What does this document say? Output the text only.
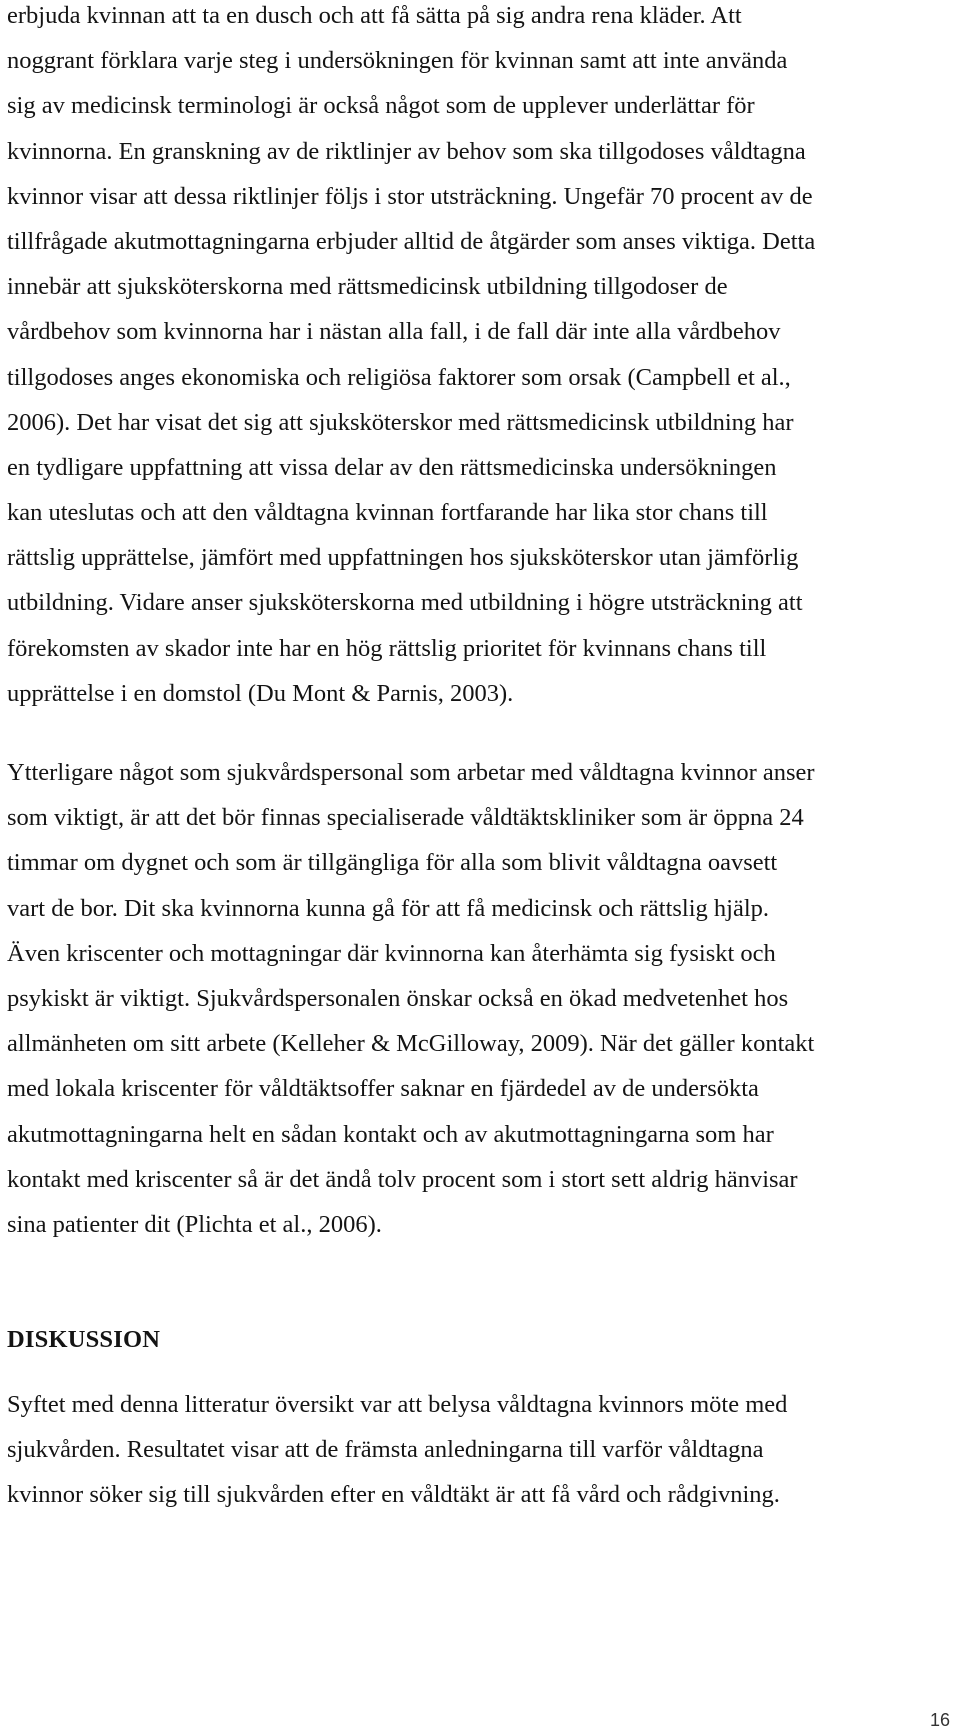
erbjuda kvinnan att ta en dusch och att få sätta på sig andra rena kläder. Att
noggrant förklara varje steg i undersökningen för kvinnan samt att inte använda
sig av medicinsk terminologi är också något som de upplever underlättar för
kvinnorna. En granskning av de riktlinjer av behov som ska tillgodoses våldtagna
kvinnor visar att dessa riktlinjer följs i stor utsträckning. Ungefär 70 procent av de
tillfrågade akutmottagningarna erbjuder alltid de åtgärder som anses viktiga. Detta
innebär att sjuksköterskorna med rättsmedicinsk utbildning tillgodoser de
vårdbehov som kvinnorna har i nästan alla fall, i de fall där inte alla vårdbehov
tillgodoses anges ekonomiska och religiösa faktorer som orsak (Campbell et al.,
2006). Det har visat det sig att sjuksköterskor med rättsmedicinsk utbildning har
en tydligare uppfattning att vissa delar av den rättsmedicinska undersökningen
kan uteslutas och att den våldtagna kvinnan fortfarande har lika stor chans till
rättslig upprättelse, jämfört med uppfattningen hos sjuksköterskor utan jämförlig
utbildning. Vidare anser sjuksköterskorna med utbildning i högre utsträckning att
förekomsten av skador inte har en hög rättslig prioritet för kvinnans chans till
upprättelse i en domstol (Du Mont & Parnis, 2003).

Ytterligare något som sjukvårdspersonal som arbetar med våldtagna kvinnor anser
som viktigt, är att det bör finnas specialiserade våldtäktskliniker som är öppna 24
timmar om dygnet och som är tillgängliga för alla som blivit våldtagna oavsett
vart de bor. Dit ska kvinnorna kunna gå för att få medicinsk och rättslig hjälp.
Även kriscenter och mottagningar där kvinnorna kan återhämta sig fysiskt och
psykiskt är viktigt. Sjukvårdspersonalen önskar också en ökad medvetenhet hos
allmänheten om sitt arbete (Kelleher & McGilloway, 2009). När det gäller kontakt
med lokala kriscenter för våldtäktsoffer saknar en fjärdedel av de undersökta
akutmottagningarna helt en sådan kontakt och av akutmottagningarna som har
kontakt med kriscenter så är det ändå tolv procent som i stort sett aldrig hänvisar
sina patienter dit (Plichta et al., 2006).

DISKUSSION

Syftet med denna litteratur översikt var att belysa våldtagna kvinnors möte med
sjukvården. Resultatet visar att de främsta anledningarna till varför våldtagna
kvinnor söker sig till sjukvården efter en våldtäkt är att få vård och rådgivning.

16
